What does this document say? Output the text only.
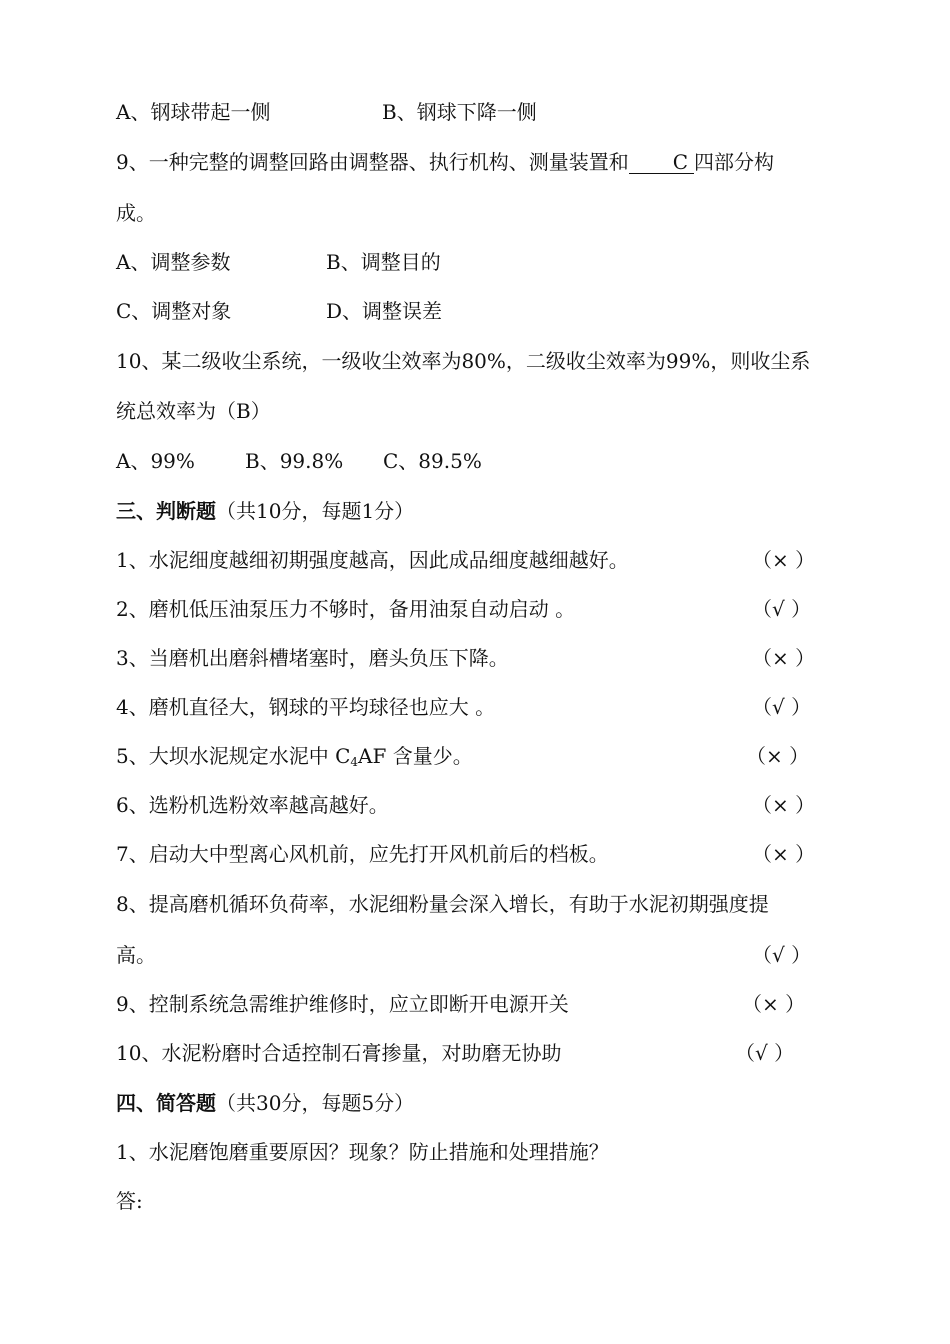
A、钢球带起一侧	B、钢球下降一侧
9、一种完整的调整回路由调整器、执行机构、测量装置和 C 四部分构
成。
A、调整参数	B、调整目的
C、调整对象	D、调整误差
10、某二级收尘系统，一级收尘效率为80%，二级收尘效率为99%，则收尘系
统总效率为（B）
A、99%	B、99.8% C、89.5%
三、判断题（共10分，每题1分）
1、水泥细度越细初期强度越高，因此成品细度越细越好。	（× ）
2、磨机低压油泵压力不够时，备用油泵自动启动 。	（√ ）
3、当磨机出磨斜槽堵塞时，磨头负压下降。	（× ）
4、磨机直径大，钢球的平均球径也应大 。	（√ ）
5、大坝水泥规定水泥中 $C_4AF$ 含量少。	（× ）
6、选粉机选粉效率越高越好。	（× ）
7、启动大中型离心风机前，应先打开风机前后的档板。	（× ）
8、提高磨机循环负荷率，水泥细粉量会深入增长，有助于水泥初期强度提
高。	（√ ）
9、控制系统急需维护维修时，应立即断开电源开关	（× ）
10、水泥粉磨时合适控制石膏掺量，对助磨无协助	（√ ）
四、简答题（共30分，每题5分）
1、水泥磨饱磨重要原因？现象？防止措施和处理措施？
答:
